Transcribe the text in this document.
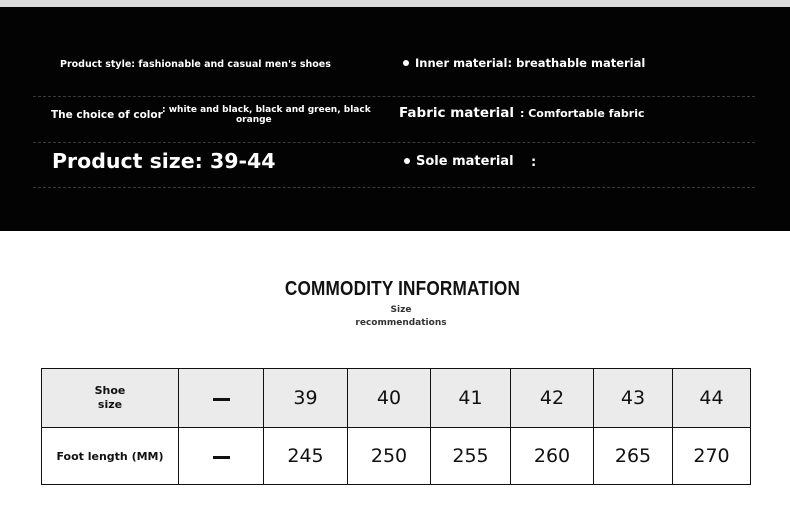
Product style: fashionable and casual men's shoes	Inner material: breathable material
The choice of color : white and black, black and green, black
orange	Fabric material : Comfortable fabric
Product size: 39-44	Sole material :
COMMODITY INFORMATION
Size
recommendations
Shoe
size		39	40	41	42	43	44
Foot length (MM)		245	250	255	260	265	270
